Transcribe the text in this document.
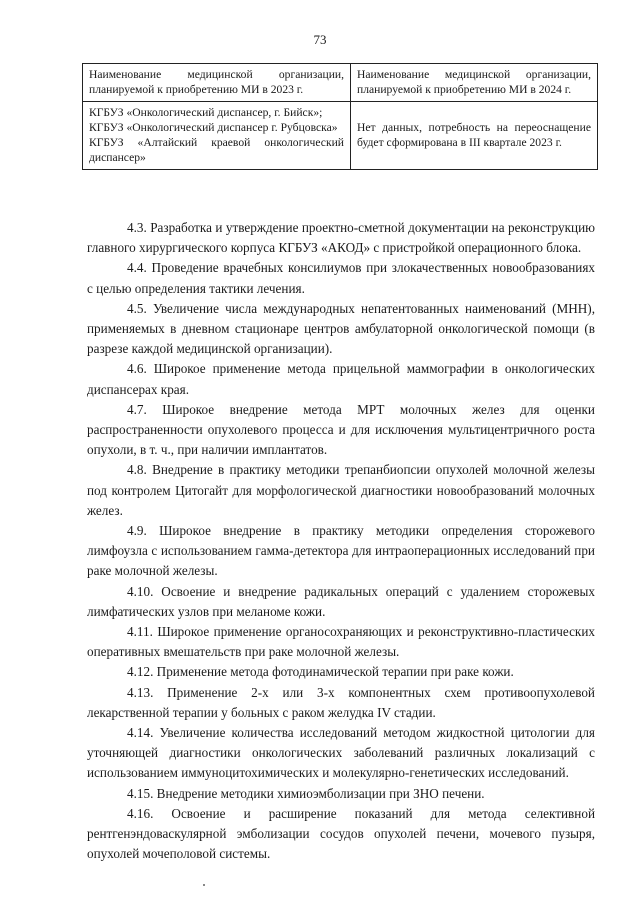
73
Наименование медицинской организации, планируемой к приобретению МИ в 2023 г.	Наименование медицинской организации, планируемой к приобретению МИ в 2024 г.

КГБУЗ «Онкологический диспансер, г. Бийск»;
КГБУЗ «Онкологический диспансер г. Рубцовска»
КГБУЗ «Алтайский краевой онкологический диспансер»	Нет данных, потребность на переоснащение будет сформирована в III квартале 2023 г.

4.3. Разработка и утверждение проектно-сметной документации на реконструкцию главного хирургического корпуса КГБУЗ «АКОД» с пристройкой операционного блока.

4.4. Проведение врачебных консилиумов при злокачественных новообразованиях с целью определения тактики лечения.

4.5. Увеличение числа международных непатентованных наименований (МНН), применяемых в дневном стационаре центров амбулаторной онкологической помощи (в разрезе каждой медицинской организации).

4.6. Широкое применение метода прицельной маммографии в онкологических диспансерах края.

4.7. Широкое внедрение метода МРТ молочных желез для оценки распространенности опухолевого процесса и для исключения мультицентричного роста опухоли, в т. ч., при наличии имплантатов.

4.8. Внедрение в практику методики трепанбиопсии опухолей молочной железы под контролем Цитогайт для морфологической диагностики новообразований молочных желез.

4.9. Широкое внедрение в практику методики определения сторожевого лимфоузла с использованием гамма-детектора для интраоперационных исследований при раке молочной железы.

4.10. Освоение и внедрение радикальных операций с удалением сторожевых лимфатических узлов при меланоме кожи.

4.11. Широкое применение органосохраняющих и реконструктивно-пластических оперативных вмешательств при раке молочной железы.

4.12. Применение метода фотодинамической терапии при раке кожи.

4.13. Применение 2-х или 3-х компонентных схем противоопухолевой лекарственной терапии у больных с раком желудка IV стадии.

4.14. Увеличение количества исследований методом жидкостной цитологии для уточняющей диагностики онкологических заболеваний различных локализаций с использованием иммуноцитохимических и молекулярно-генетических исследований.

4.15. Внедрение методики химиоэмболизации при ЗНО печени.

4.16. Освоение и расширение показаний для метода селективной рентгенэндоваскулярной эмболизации сосудов опухолей печени, мочевого пузыря, опухолей мочеполовой системы.
